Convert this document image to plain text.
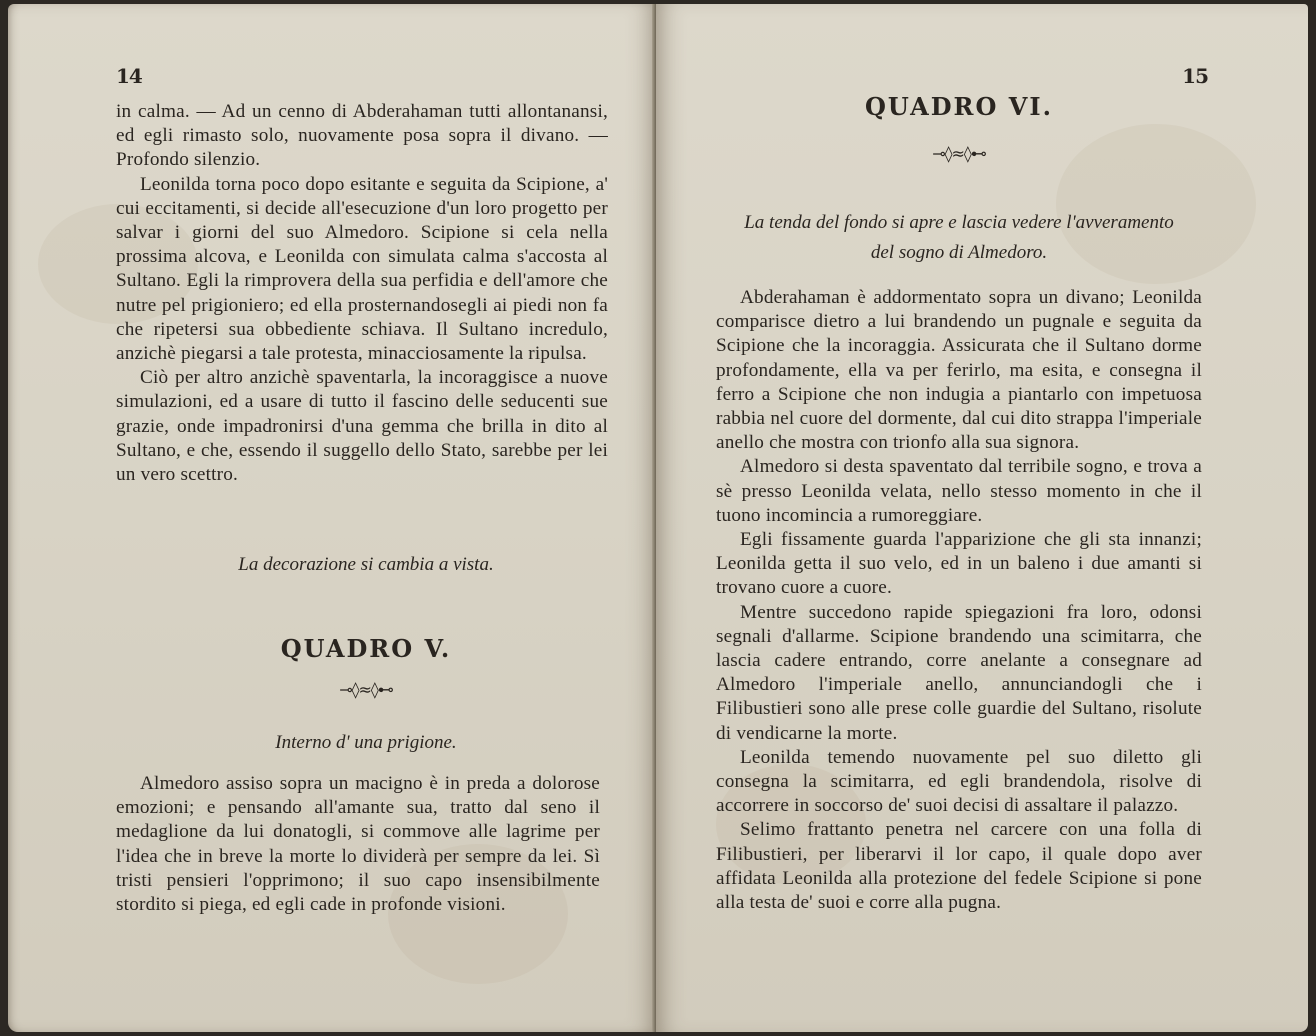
14

in calma. — Ad un cenno di Abderahaman tutti allontanansi, ed egli rimasto solo, nuovamente posa sopra il divano. — Profondo silenzio.

Leonilda torna poco dopo esitante e seguita da Scipione, a' cui eccitamenti, si decide all'esecuzione d'un loro progetto per salvar i giorni del suo Almedoro. Scipione si cela nella prossima alcova, e Leonilda con simulata calma s'accosta al Sultano. Egli la rimprovera della sua perfidia e dell'amore che nutre pel prigioniero; ed ella prosternandosegli ai piedi non fa che ripetersi sua obbediente schiava. Il Sultano incredulo, anzichè piegarsi a tale protesta, minacciosamente la ripulsa.

Ciò per altro anzichè spaventarla, la incoraggisce a nuove simulazioni, ed a usare di tutto il fascino delle seducenti sue grazie, onde impadronirsi d'una gemma che brilla in dito al Sultano, e che, essendo il suggello dello Stato, sarebbe per lei un vero scettro.

La decorazione si cambia a vista.
QUADRO V.
⊸◊≈◊⊷
Interno d' una prigione.

Almedoro assiso sopra un macigno è in preda a dolorose emozioni; e pensando all'amante sua, tratto dal seno il medaglione da lui donatogli, si commove alle lagrime per l'idea che in breve la morte lo dividerà per sempre da lei. Sì tristi pensieri l'opprimono; il suo capo insensibilmente stordito si piega, ed egli cade in profonde visioni.

15
QUADRO VI.
⊸◊≈◊⊷
La tenda del fondo si apre e lascia vedere l'avveramento
del sogno di Almedoro.

Abderahaman è addormentato sopra un divano; Leonilda comparisce dietro a lui brandendo un pugnale e seguita da Scipione che la incoraggia. Assicurata che il Sultano dorme profondamente, ella va per ferirlo, ma esita, e consegna il ferro a Scipione che non indugia a piantarlo con impetuosa rabbia nel cuore del dormente, dal cui dito strappa l'imperiale anello che mostra con trionfo alla sua signora.

Almedoro si desta spaventato dal terribile sogno, e trova a sè presso Leonilda velata, nello stesso momento in che il tuono incomincia a rumoreggiare.

Egli fissamente guarda l'apparizione che gli sta innanzi; Leonilda getta il suo velo, ed in un baleno i due amanti si trovano cuore a cuore.

Mentre succedono rapide spiegazioni fra loro, odonsi segnali d'allarme. Scipione brandendo una scimitarra, che lascia cadere entrando, corre anelante a consegnare ad Almedoro l'imperiale anello, annunciandogli che i Filibustieri sono alle prese colle guardie del Sultano, risolute di vendicarne la morte.

Leonilda temendo nuovamente pel suo diletto gli consegna la scimitarra, ed egli brandendola, risolve di accorrere in soccorso de' suoi decisi di assaltare il palazzo.

Selimo frattanto penetra nel carcere con una folla di Filibustieri, per liberarvi il lor capo, il quale dopo aver affidata Leonilda alla protezione del fedele Scipione si pone alla testa de' suoi e corre alla pugna.
